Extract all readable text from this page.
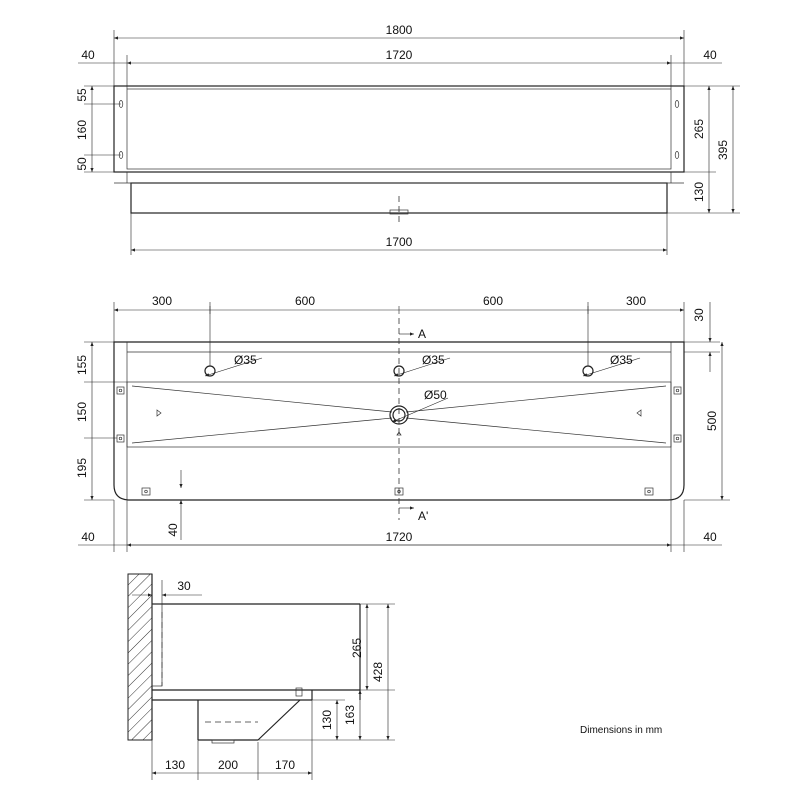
1800
1720
40	40
1700
55
160
50
265
130
395
A
A'
300	600	600	300
Ø35	Ø35	Ø35
Ø50
30
500
155
150
195
40
40	1720	40
30
265
428
130 163
130	200	170
Dimensions in mm
